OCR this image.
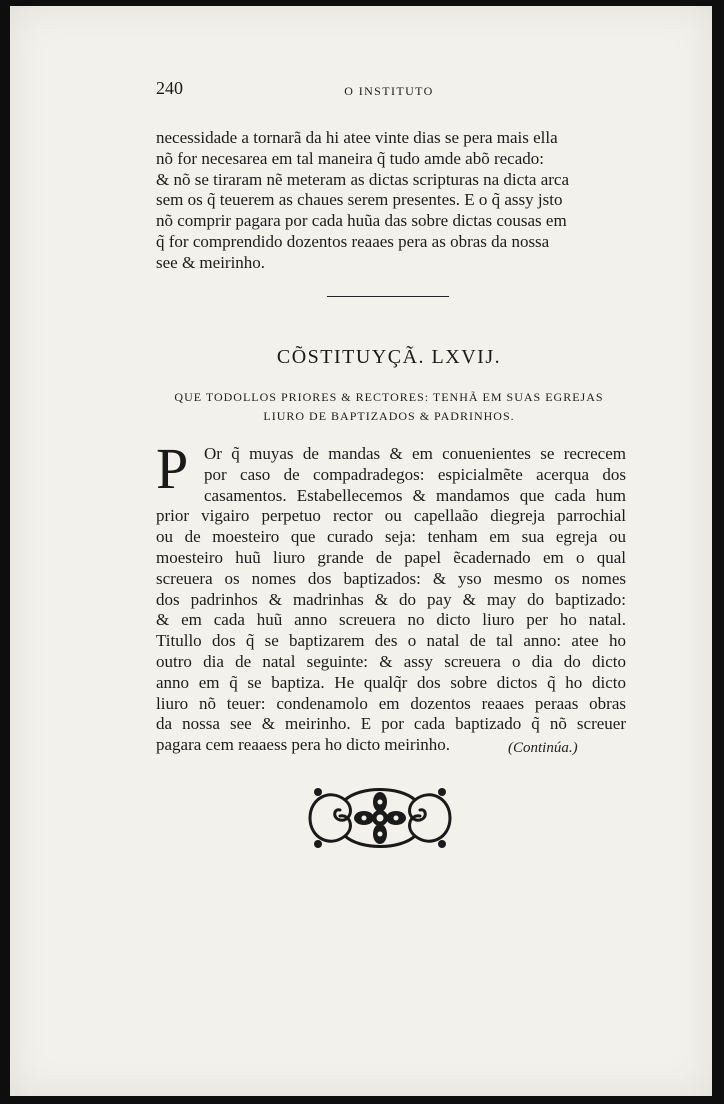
240	O INSTITUTO
necessidade a tornarã da hi atee vinte dias se pera mais ella
nõ for necesarea em tal maneira q̃ tudo amde abõ recado:
& nõ se tiraram nẽ meteram as dictas scripturas na dicta arca
sem os q̃ teuerem as chaues serem presentes. E o q̃ assy jsto
nõ comprir pagara por cada huũa das sobre dictas cousas em
q̃ for comprendido dozentos reaaes pera as obras da nossa
see & meirinho.
CÕSTITUYÇÃ. LXVIJ.
QUE TODOLLOS PRIORES & RECTORES: TENHÃ EM SUAS EGREJAS
LIURO DE BAPTIZADOS & PADRINHOS.
P Or q̃ muyas de mandas & em conuenientes se recrecem
por caso de compadradegos: espicialmẽte acerqua dos
casamentos. Estabellecemos & mandamos que cada hum
prior vigairo perpetuo rector ou capellaão diegreja parrochial
ou de moesteiro que curado seja: tenham em sua egreja ou
moesteiro huũ liuro grande de papel ẽcadernado em o qual
screuera os nomes dos baptizados: & yso mesmo os nomes
dos padrinhos & madrinhas & do pay & may do baptizado:
& em cada huũ anno screuera no dicto liuro per ho natal.
Titullo dos q̃ se baptizarem des o natal de tal anno: atee ho
outro dia de natal seguinte: & assy screuera o dia do dicto
anno em q̃ se baptiza. He qualq̃r dos sobre dictos q̃ ho dicto
liuro nõ teuer: condenamolo em dozentos reaaes peraas obras
da nossa see & meirinho. E por cada baptizado q̃ nõ screuer
pagara cem reaaess pera ho dicto meirinho.	(Continúa.)
